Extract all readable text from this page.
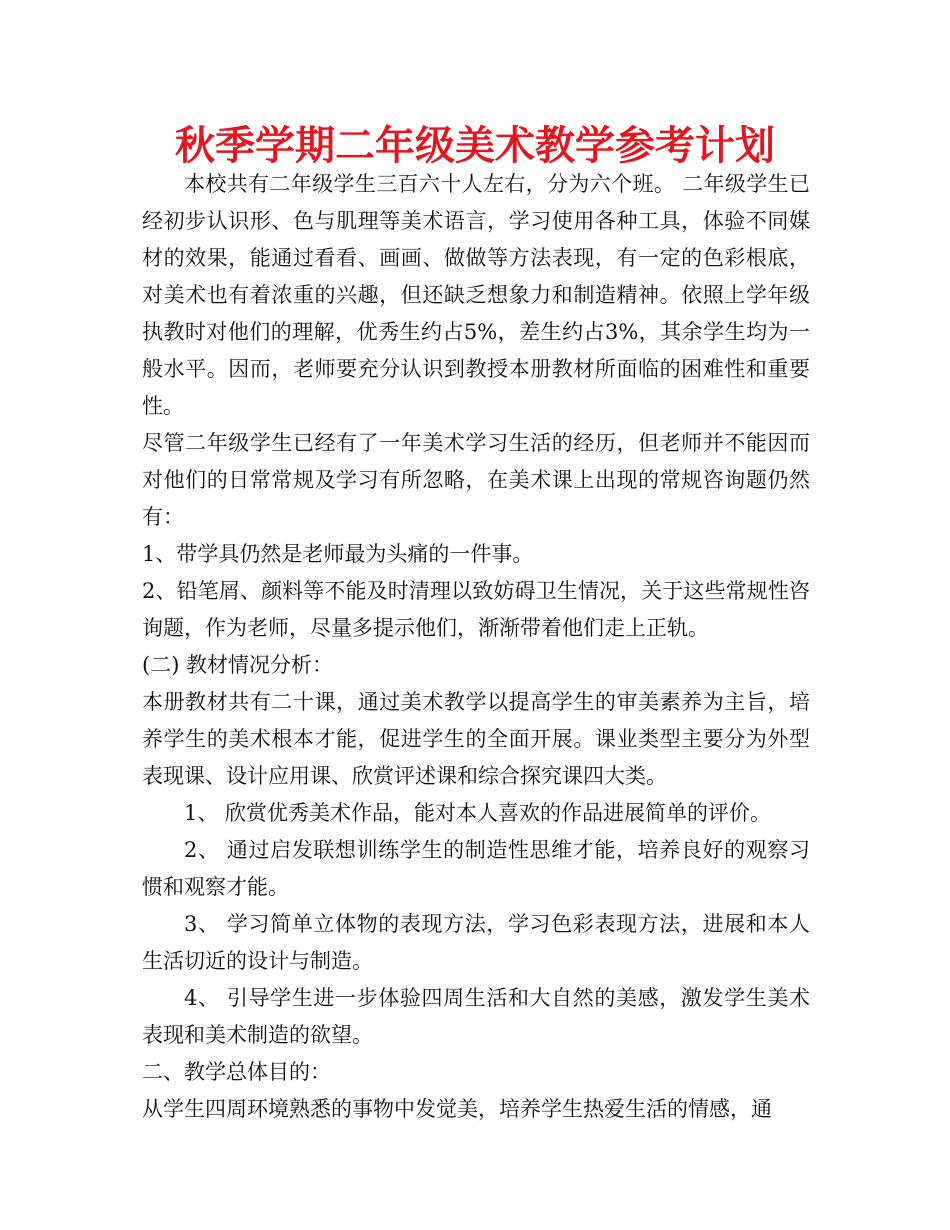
秋季学期二年级美术教学参考计划

本校共有二年级学生三百六十人左右，分为六个班。 二年级学生已经初步认识形、色与肌理等美术语言，学习使用各种工具，体验不同媒材的效果，能通过看看、画画、做做等方法表现，有一定的色彩根底，对美术也有着浓重的兴趣，但还缺乏想象力和制造精神。依照上学年级执教时对他们的理解，优秀生约占5%，差生约占3%，其余学生均为一般水平。因而，老师要充分认识到教授本册教材所面临的困难性和重要性。

尽管二年级学生已经有了一年美术学习生活的经历，但老师并不能因而对他们的日常常规及学习有所忽略，在美术课上出现的常规咨询题仍然有：

1、带学具仍然是老师最为头痛的一件事。

2、铅笔屑、颜料等不能及时清理以致妨碍卫生情况，关于这些常规性咨询题，作为老师，尽量多提示他们，渐渐带着他们走上正轨。

(二) 教材情况分析：

本册教材共有二十课，通过美术教学以提高学生的审美素养为主旨，培养学生的美术根本才能，促进学生的全面开展。课业类型主要分为外型表现课、设计应用课、欣赏评述课和综合探究课四大类。

1、 欣赏优秀美术作品，能对本人喜欢的作品进展简单的评价。

2、 通过启发联想训练学生的制造性思维才能，培养良好的观察习惯和观察才能。

3、 学习简单立体物的表现方法，学习色彩表现方法，进展和本人生活切近的设计与制造。

4、 引导学生进一步体验四周生活和大自然的美感，激发学生美术表现和美术制造的欲望。

二、教学总体目的：

从学生四周环境熟悉的事物中发觉美，培养学生热爱生活的情感，通
